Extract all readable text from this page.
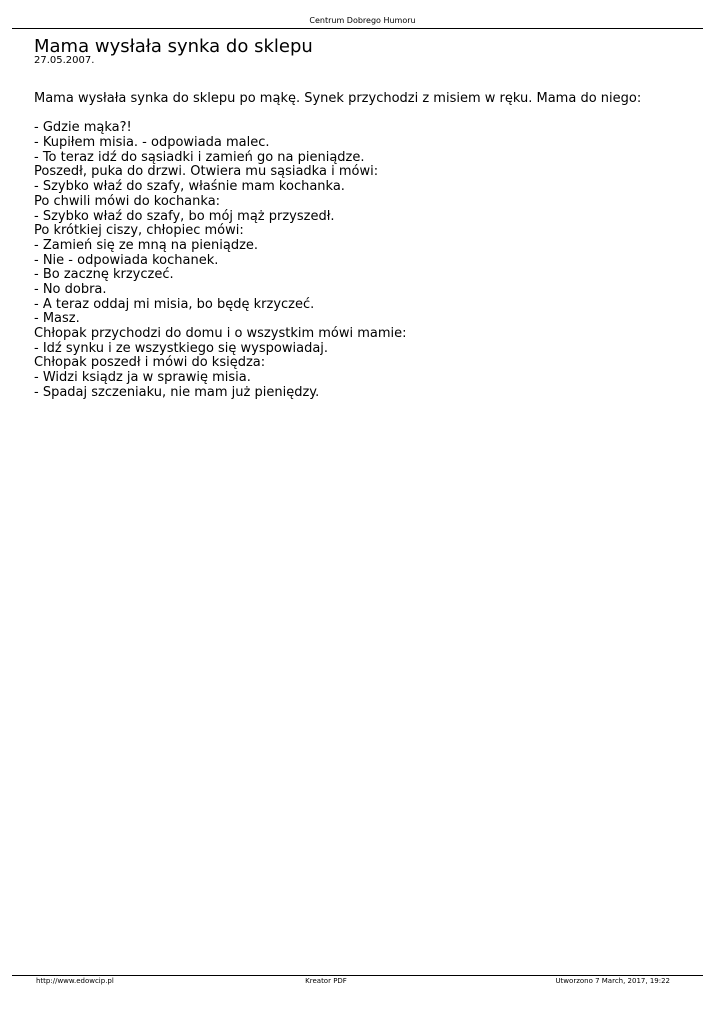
Centrum Dobrego Humoru
Mama wysłała synka do sklepu
27.05.2007.
Mama wysłała synka do sklepu po mąkę. Synek przychodzi z misiem w ręku. Mama do niego:
- Gdzie mąka?!
- Kupiłem misia. - odpowiada malec.
- To teraz idź do sąsiadki i zamień go na pieniądze.
Poszedł, puka do drzwi. Otwiera mu sąsiadka i mówi:
- Szybko właź do szafy, właśnie mam kochanka.
Po chwili mówi do kochanka:
- Szybko właź do szafy, bo mój mąż przyszedł.
Po krótkiej ciszy, chłopiec mówi:
- Zamień się ze mną na pieniądze.
- Nie - odpowiada kochanek.
- Bo zacznę krzyczeć.
- No dobra.
- A teraz oddaj mi misia, bo będę krzyczeć.
- Masz.
Chłopak przychodzi do domu i o wszystkim mówi mamie:
- Idź synku i ze wszystkiego się wyspowiadaj.
Chłopak poszedł i mówi do księdza:
- Widzi ksiądz ja w sprawię misia.
- Spadaj szczeniaku, nie mam już pieniędzy.
http://www.edowcip.pl	Kreator PDF	Utworzono 7 March, 2017, 19:22
